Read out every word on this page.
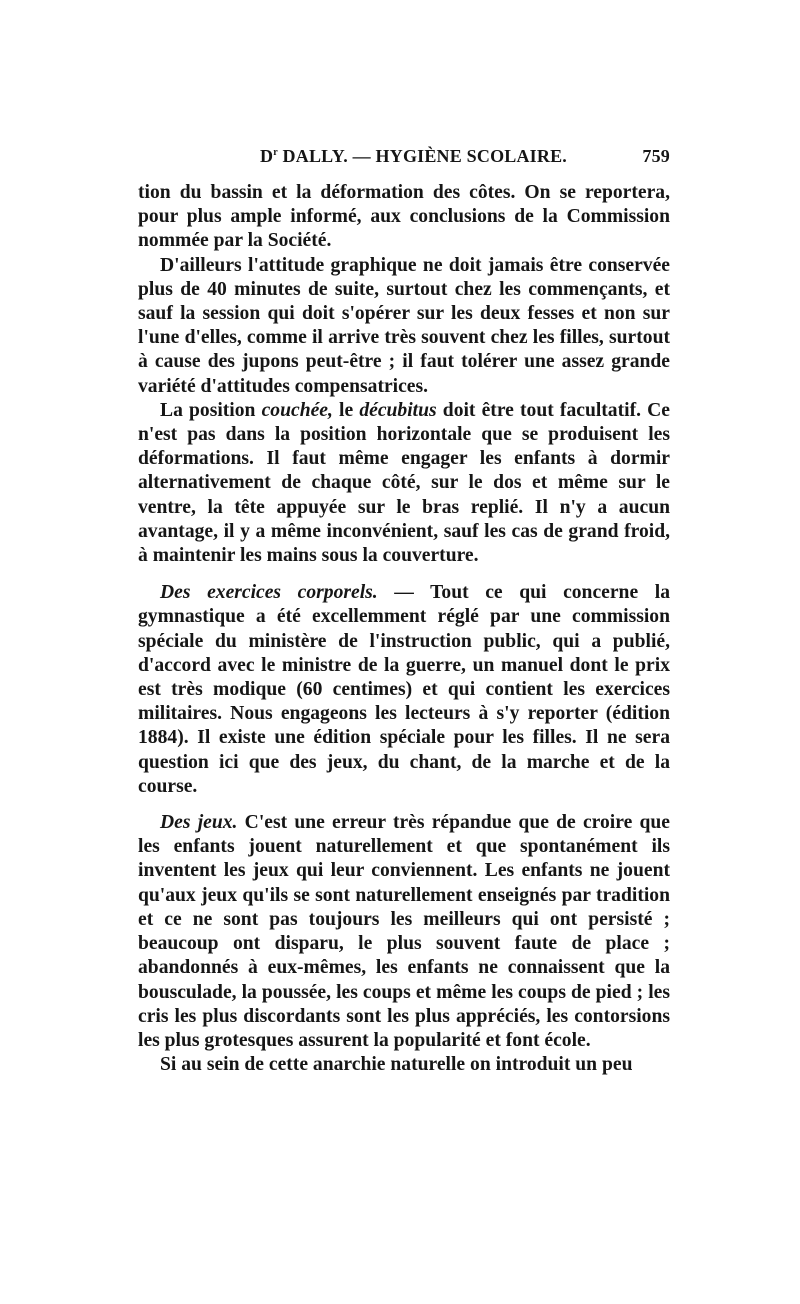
$D^r$ DALLY. — HYGIÈNE SCOLAIRE.	759

tion du bassin et la déformation des côtes. On se reportera, pour plus ample informé, aux conclusions de la Commission nommée par la Société.

D'ailleurs l'attitude graphique ne doit jamais être conservée plus de 40 minutes de suite, surtout chez les commençants, et sauf la session qui doit s'opérer sur les deux fesses et non sur l'une d'elles, comme il arrive très souvent chez les filles, surtout à cause des jupons peut-être ; il faut tolérer une assez grande variété d'attitudes compensatrices.

La position couchée, le décubitus doit être tout facultatif. Ce n'est pas dans la position horizontale que se produisent les déformations. Il faut même engager les enfants à dormir alternativement de chaque côté, sur le dos et même sur le ventre, la tête appuyée sur le bras replié. Il n'y a aucun avantage, il y a même inconvénient, sauf les cas de grand froid, à maintenir les mains sous la couverture.

Des exercices corporels. — Tout ce qui concerne la gymnastique a été excellemment réglé par une commission spéciale du ministère de l'instruction public, qui a publié, d'accord avec le ministre de la guerre, un manuel dont le prix est très modique (60 centimes) et qui contient les exercices militaires. Nous engageons les lecteurs à s'y reporter (édition 1884). Il existe une édition spéciale pour les filles. Il ne sera question ici que des jeux, du chant, de la marche et de la course.

Des jeux. C'est une erreur très répandue que de croire que les enfants jouent naturellement et que spontanément ils inventent les jeux qui leur conviennent. Les enfants ne jouent qu'aux jeux qu'ils se sont naturellement enseignés par tradition et ce ne sont pas toujours les meilleurs qui ont persisté ; beaucoup ont disparu, le plus souvent faute de place ; abandonnés à eux-mêmes, les enfants ne connaissent que la bousculade, la poussée, les coups et même les coups de pied ; les cris les plus discordants sont les plus appréciés, les contorsions les plus grotesques assurent la popularité et font école.

Si au sein de cette anarchie naturelle on introduit un peu
